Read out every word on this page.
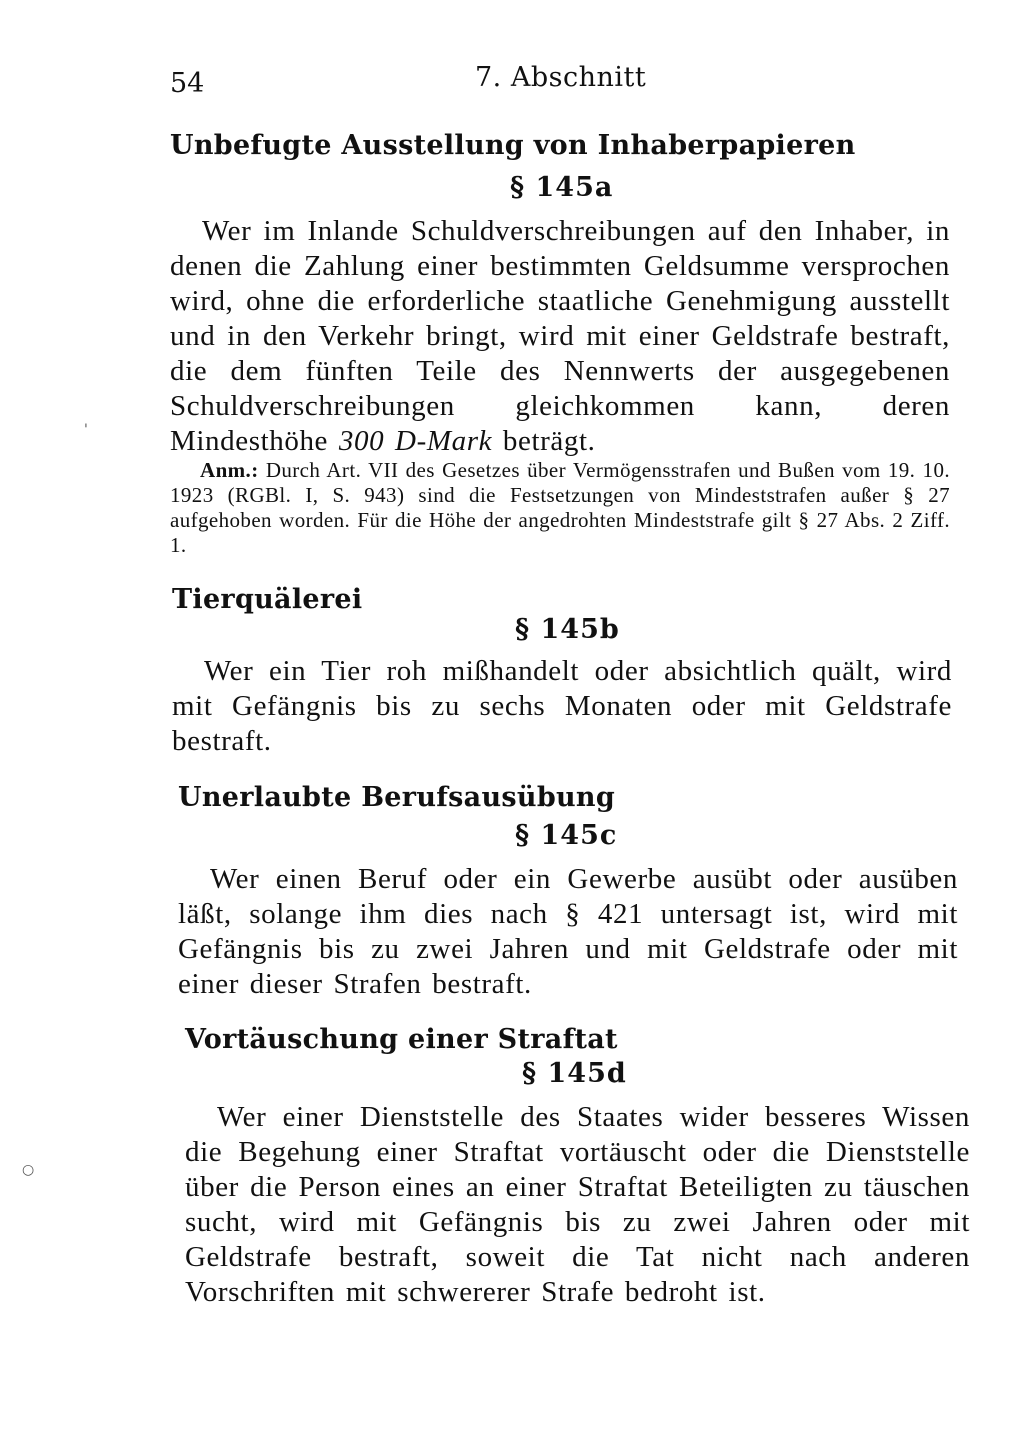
54	7. Abschnitt
Unbefugte Ausstellung von Inhaberpapieren
§ 145a

Wer im Inlande Schuldverschreibungen auf den Inhaber, in denen die Zahlung einer bestimmten Geldsumme versprochen wird, ohne die erforderliche staatliche Genehmigung ausstellt und in den Verkehr bringt, wird mit einer Geldstrafe bestraft, die dem fünften Teile des Nennwerts der ausgegebenen Schuldverschreibungen gleichkommen kann, deren Mindesthöhe 300 D-Mark beträgt.

Anm.: Durch Art. VII des Gesetzes über Vermögensstrafen und Bußen vom 19. 10. 1923 (RGBl. I, S. 943) sind die Festsetzungen von Mindeststrafen außer § 27 aufgehoben worden. Für die Höhe der angedrohten Mindeststrafe gilt § 27 Abs. 2 Ziff. 1.

Tierquälerei
§ 145b

Wer ein Tier roh mißhandelt oder absichtlich quält, wird mit Gefängnis bis zu sechs Monaten oder mit Geldstrafe bestraft.

Unerlaubte Berufsausübung
§ 145c

Wer einen Beruf oder ein Gewerbe ausübt oder ausüben läßt, solange ihm dies nach § 421 untersagt ist, wird mit Gefängnis bis zu zwei Jahren und mit Geldstrafe oder mit einer dieser Strafen bestraft.

Vortäuschung einer Straftat
§ 145d

Wer einer Dienststelle des Staates wider besseres Wissen die Begehung einer Straftat vortäuscht oder die Dienststelle über die Person eines an einer Straftat Beteiligten zu täuschen sucht, wird mit Gefängnis bis zu zwei Jahren oder mit Geldstrafe bestraft, soweit die Tat nicht nach anderen Vorschriften mit schwererer Strafe bedroht ist.

'
○
